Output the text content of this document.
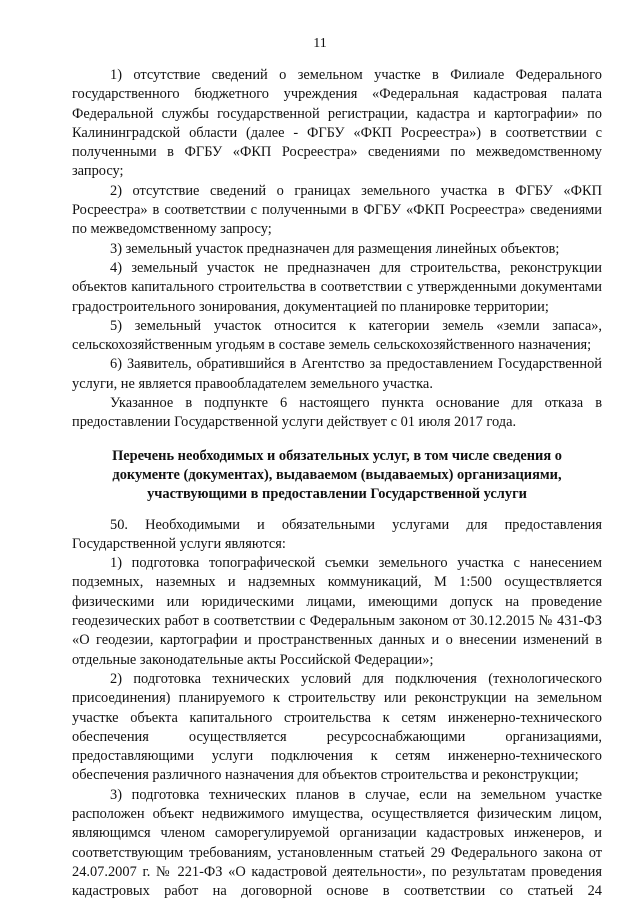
11

1) отсутствие сведений о земельном участке в Филиале Федерального государственного бюджетного учреждения «Федеральная кадастровая палата Федеральной службы государственной регистрации, кадастра и картографии» по Калининградской области (далее - ФГБУ «ФКП Росреестра») в соответствии с полученными в ФГБУ «ФКП Росреестра» сведениями по межведомственному запросу;

2) отсутствие сведений о границах земельного участка в ФГБУ «ФКП Росреестра» в соответствии с полученными в ФГБУ «ФКП Росреестра» сведениями по межведомственному запросу;

3) земельный участок предназначен для размещения линейных объектов;

4) земельный участок не предназначен для строительства, реконструкции объектов капитального строительства в соответствии с утвержденными документами градостроительного зонирования, документацией по планировке территории;

5) земельный участок относится к категории земель «земли запаса», сельскохозяйственным угодьям в составе земель сельскохозяйственного назначения;

6) Заявитель, обратившийся в Агентство за предоставлением Государственной услуги, не является правообладателем земельного участка.

Указанное в подпункте 6 настоящего пункта основание для отказа в предоставлении Государственной услуги действует с 01 июля 2017 года.

Перечень необходимых и обязательных услуг, в том числе сведения о
документе (документах), выдаваемом (выдаваемых) организациями,
участвующими в предоставлении Государственной услуги

50. Необходимыми и обязательными услугами для предоставления Государственной услуги являются:

1) подготовка топографической съемки земельного участка с нанесением подземных, наземных и надземных коммуникаций, М 1:500 осуществляется физическими или юридическими лицами, имеющими допуск на проведение геодезических работ в соответствии с Федеральным законом от 30.12.2015 № 431-ФЗ «О геодезии, картографии и пространственных данных и о внесении изменений в отдельные законодательные акты Российской Федерации»;

2) подготовка технических условий для подключения (технологического присоединения) планируемого к строительству или реконструкции на земельном участке объекта капитального строительства к сетям инженерно-технического обеспечения осуществляется ресурсоснабжающими организациями, предоставляющими услуги подключения к сетям инженерно-технического обеспечения различного назначения для объектов строительства и реконструкции;

3) подготовка технических планов в случае, если на земельном участке расположен объект недвижимого имущества, осуществляется физическим лицом, являющимся членом саморегулируемой организации кадастровых инженеров, и соответствующим требованиям, установленным статьей 29 Федерального закона от 24.07.2007 г. № 221-ФЗ «О кадастровой деятельности», по результатам проведения кадастровых работ на договорной основе в соответствии со статьей 24
